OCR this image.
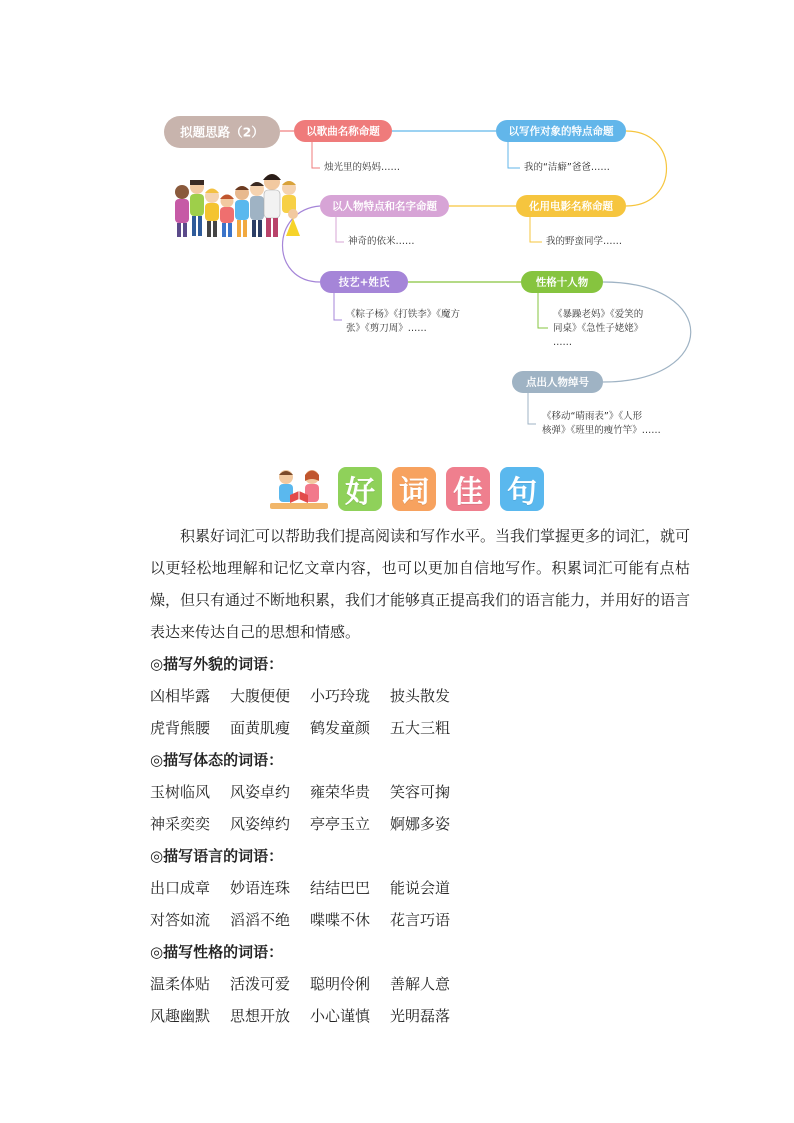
拟题思路（2）	以歌曲名称命题
烛光里的妈妈……
以写作对象的特点命题
我的“洁癖”爸爸……
以人物特点和名字命题
神奇的依米……
化用电影名称命题
我的野蛮同学……
技艺+姓氏
《粽子杨》《打铁李》《魔方
张》《剪刀周》……
性格十人物
《暴躁老妈》《爱笑的
同桌》《急性子姥姥》
……
点出人物绰号
《移动“晴雨表”》《人形
核弹》《班里的瘦竹竿》……
好 词 佳 句

积累好词汇可以帮助我们提高阅读和写作水平。当我们掌握更多的词汇，就可以更轻松地理解和记忆文章内容，也可以更加自信地写作。积累词汇可能有点枯燥，但只有通过不断地积累，我们才能够真正提高我们的语言能力，并用好的语言表达来传达自己的思想和情感。

◎描写外貌的词语：
凶相毕露	大腹便便	小巧玲珑	披头散发
虎背熊腰	面黄肌瘦	鹤发童颜	五大三粗
◎描写体态的词语：
玉树临风	风姿卓约	雍荣华贵	笑容可掬
神采奕奕	风姿绰约	亭亭玉立	婀娜多姿
◎描写语言的词语：
出口成章	妙语连珠	结结巴巴	能说会道
对答如流	滔滔不绝	喋喋不休	花言巧语
◎描写性格的词语：
温柔体贴	活泼可爱	聪明伶俐	善解人意
风趣幽默	思想开放	小心谨慎	光明磊落
